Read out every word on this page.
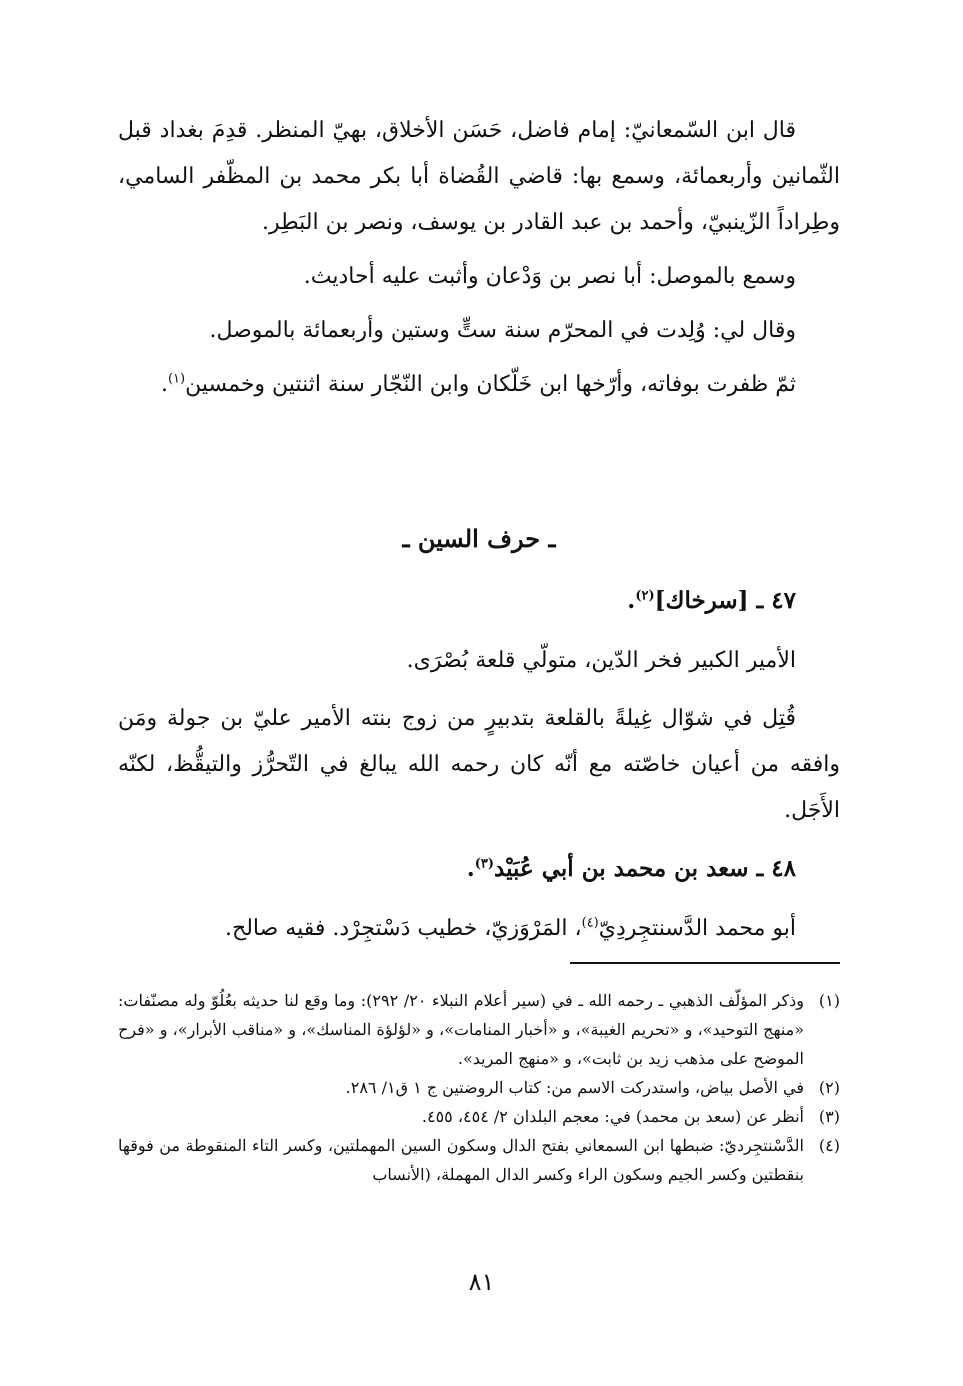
قال ابن السّمعانيّ: إمام فاضل، حَسَن الأخلاق، بهيّ المنظر. قدِمَ بغداد قبل الثّمانين وأربعمائة، وسمع بها: قاضي القُضاة أبا بكر محمد بن المظّفر السامي، وطِراداً الزّينبيّ، وأحمد بن عبد القادر بن يوسف، ونصر بن البَطِر.

وسمع بالموصل: أبا نصر بن وَدْعان وأثبت عليه أحاديث.

وقال لي: وُلِدت في المحرّم سنة ستٍّ وستين وأربعمائة بالموصل.

ثمّ ظفرت بوفاته، وأرّخها ابن خَلّكان وابن النّجّار سنة اثنتين وخمسين$^{(١)}$.

ـ حرف السين ـ

٤٧ ـ [سرخاك]$^{(٢)}$.

الأمير الكبير فخر الدّين، متولّي قلعة بُصْرَى.

قُتِل في شوّال غِيلةً بالقلعة بتدبيرٍ من زوج بنته الأمير عليّ بن جولة ومَن وافقه من أعيان خاصّته مع أنّه كان رحمه الله يبالغ في التّحرُّز والتيقُّظ، لكنّه الأَجَل.

٤٨ ـ سعد بن محمد بن أبي عُبَيْد$^{(٣)}$.

أبو محمد الدَّسنتجِردِيّ$^{(٤)}$، المَرْوَزيّ، خطيب دَسْتجِرْد. فقيه صالح.

(١)
وذكر المؤلّف الذهبي ـ رحمه الله ـ في (سير أعلام النبلاء ٢٠/ ٢٩٢): وما وقع لنا حديثه بعُلُوّ وله مصنّفات: «منهج التوحيد»، و «تحريم الغيبة»، و «أخبار المنامات»، و «لؤلؤة المناسك»، و «مناقب الأبرار»، و «فرح الموضح على مذهب زيد بن ثابت»، و «منهج المريد».

(٢)
في الأصل بياض، واستدركت الاسم من: كتاب الروضتين ج ١ ق١/ ٢٨٦.

(٣)
أنظر عن (سعد بن محمد) في: معجم البلدان ٢/ ٤٥٤، ٤٥٥.

(٤)
الدَّسْنتجِرديّ: ضبطها ابن السمعاني بفتح الدال وسكون السين المهملتين، وكسر التاء المنقوطة من فوقها بنقطتين وكسر الجيم وسكون الراء وكسر الدال المهملة، (الأنساب

٨١
